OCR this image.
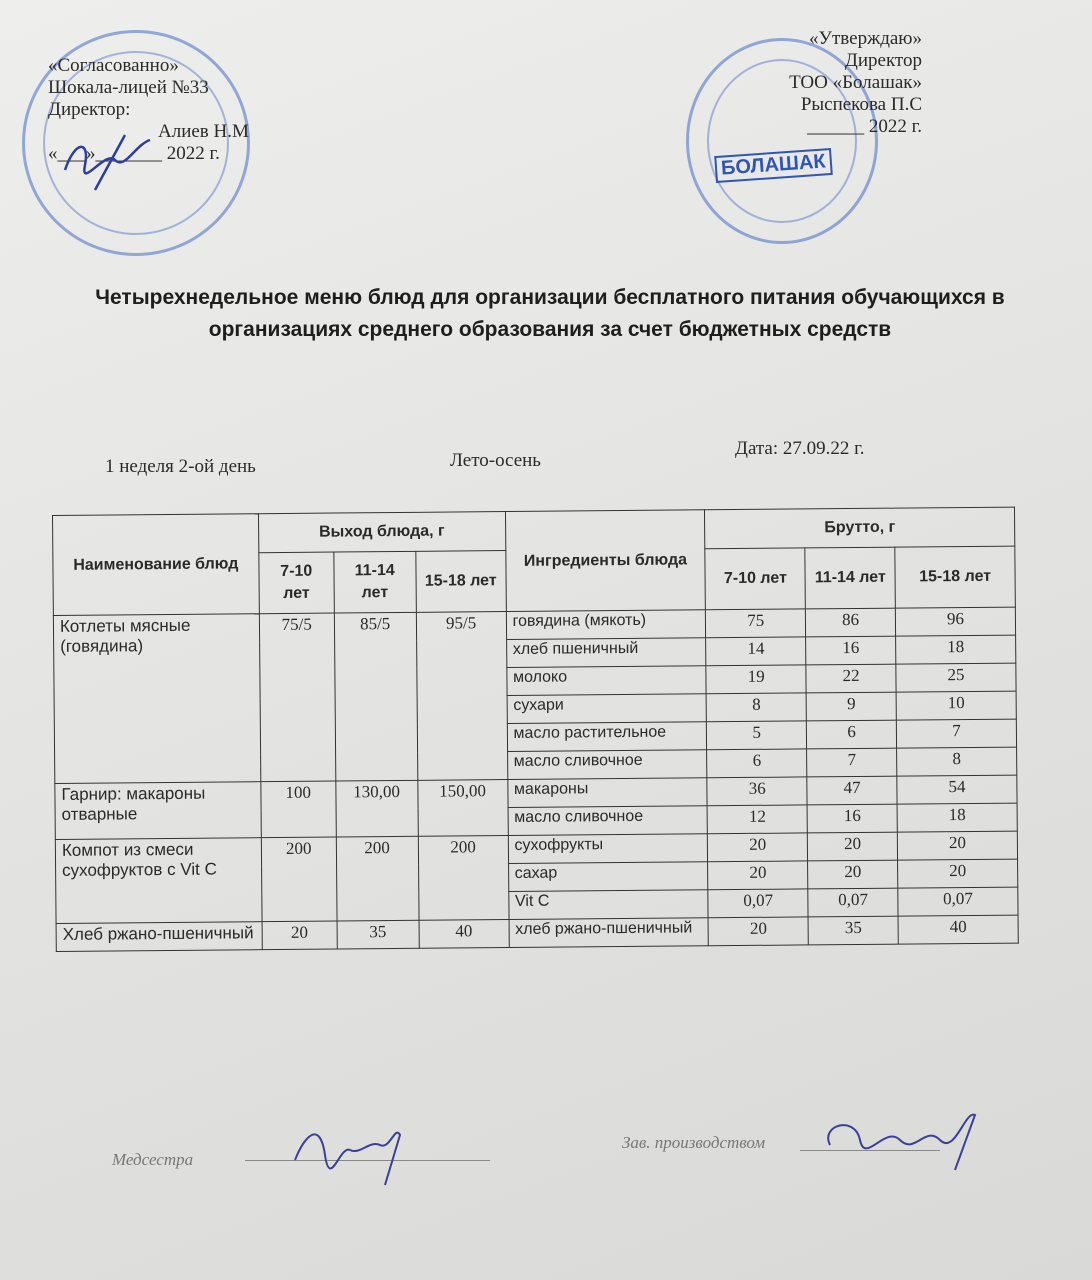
БОЛАШАК
«Согласованно»
Шокала-лицей №33
Директор:
Алиев Н.М
«___»_______ 2022 г.
«Утверждаю»
Директор
ТОО «Болашак»
Рыспекова П.С
______ 2022 г.
Четырехнедельное меню блюд для организации бесплатного питания обучающихся в организациях среднего образования за счет бюджетных средств
1 неделя 2-ой день	Лето-осень
Дата: 27.09.22 г.
Наименование блюд	Выход блюда, г			Ингредиенты блюда	Брутто, г		
	7-10 лет	11-14 лет	15-18 лет		7-10 лет	11-14 лет	15-18 лет
Котлеты мясные (говядина)	75/5	85/5	95/5	говядина (мякоть)	75	86	96
				хлеб пшеничный	14	16	18
				молоко	19	22	25
				сухари	8	9	10
				масло растительное	5	6	7
				масло сливочное	6	7	8
Гарнир: макароны отварные	100	130,00	150,00	макароны	36	47	54
				масло сливочное	12	16	18
Компот из смеси сухофруктов с Vit C	200	200	200	сухофрукты	20	20	20
				сахар	20	20	20
				Vit C	0,07	0,07	0,07
Хлеб ржано-пшеничный	20	35	40	хлеб ржано-пшеничный	20	35	40
Медсестра
Зав. производством
